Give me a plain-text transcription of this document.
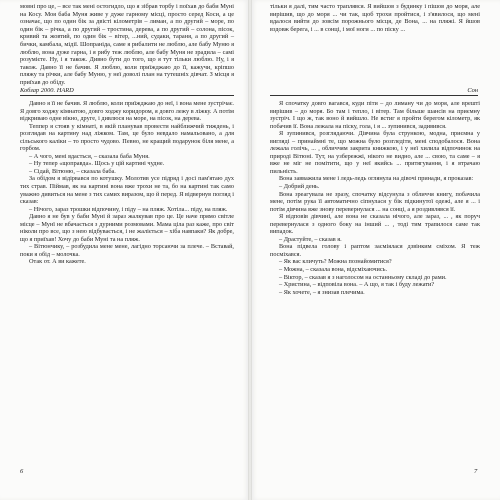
мовні про це, – все так мені остогидло, що я зібрав торбу і поїхав до баби Муні на Косу. Моя баба Муня живе у дуже гарному місці, просто серед Коси, а це означає, що по один бік за двісті кілометрів – лиман, а по другий – море, по один бік – річка, а по другий – тростина, дерева, а по другий – солона, пісок, кривий та жовтий, по один бік – вітер, ...ний, судаки, тараня, а по другий – бички, камбала, мідії. Шопраніда, саме я рибалити не люблю, але бабу Муню я люблю, вона дуже гарна, і я рибу теж люблю, але бабу Муня не зрадила – самі розумієте. Ну, і я також. Дивно бути до того, що я тут тільки люблю. Ну, і я також. Давно її не бачив. Я люблю, коли приїжджаю до її, кажучи, кріпшо пляжу та річки, але бабу Муню, у неї доволі план на тутешніх дівчат. З місця я приїхав до обіду.

тільки я далі, тим часто траплявся. Я вийшов з будинку і пішов до моря, але вирішив, що до моря ... чи так, щоб трохи пройтися, і з'явилося, що мені вдалося вийти до зовсім порожнього місця, де Вона, ... на пляжі. Я йшов вздовж берега, і ... в сонці, і мої ноги ... по піску ...

Кобзар 2000. HARD	Сон

Давно я її не бачив. Я люблю, коли приїжджаю до неї, і вона мене зустрічає. Я довго ходжу кімнатою, довго ходжу коридором, я довго лежу в ліжку. А потім відкриваю одне вікно, друге, і дивлюся на море, на пісок, на дерева.

Теппер я стояв у кімнаті, в якій планував провести найближчий тиждень, і розглядав на картину над ліжком. Там, це було невдало намальовано, а для сільського каліки – то просто чудово. Певно, не кращий подарунок біля мене, а горбом.

– А чого, мені вдасться, – сказала баба Муня.

– Ну тепер «щоправда». Щось у цій картині чудне.

– Сідай, Вітюню, – сказала баба.

За обідом я відірвався по котушку. Молотив усе підряд і досі пам'ятаю дух тих страв. Піймав, як на картині вона вже трохи не та, бо на картині так само уважно дивиться на мене з тих самих виразом, що й перед. Я відвернув погляд і сказав:

– Нічого, зараз трошки відпочину, і піду – на пляж. Хотіла... піду, на пляж.

Давно я не був у баби Муні й зараз жалкував про це. Це наче прямо світле місце – Мунї не вбачається з дурними розмовами. Мама ціла раз каже, про світ ніколи про все, що з нею відбувається, і не жаліється – хіба навпаки? Як добре, що я приїхав! Хочу до баби Муні та на пляж.

– Вітюнчику, – розбудила мене мене, лагідно торсаючи за плече. – Вставай, поки я обід – молочка.

Отак от. А ви кажете.

Я спочатку довго вагався, куди піти – до лиману чи до моря, але врешті вирішив – до моря. Бо там і тепло, і вітер. Там більше шансів на приємну зустріч. І що ж, так воно й вийшло. Не встиг я пройти берегом кілометр, як побачив її. Вона лежала на піску, гола, і я ... зупинився, задивився.

Я зупинився, розглядаючи. Дівчина була стрункою, модна, приємна у вигляді – принаймні те, що можна було розгледіти, мені сподобалося. Вона лежала голічь, ... , обличчям закрита книжкою, і у неї хилила відпочинок на природі Вітюні. Тут, на узбережжі, нікого не видно, але ... свою, та саме – я вже не міг не помітити, що у неї якийсь ... притягування, і я втрачаю пильність.

Вона завважила мене і ледь-ледь оглянула на дівочі принади, я проказав:

– Добрий день.

Вона зреагувала не зразу, спочатку відсунула з обличчя книгу, побачила мене, потім рука її автоматично сіпнулася у бік підкинутої одежі, але я ... і потім дівчина вже знову перевернулася ... на сонці, а я роздивлявся її.

Я відповів дівчині, але вона не сказала нічого, але зараз, ... , як поруч перевернулася з одного боку на інший ... , тоді тим трапилося саме так випадок.

– Драстуйте, – сказав я.

Вона підвела голову і раптом засміялася дзвінким сміхом. Я теж посміхався.

– Як вас кличуть? Можна познайомитися?

– Можна, – сказала вона, відсміхаючись.

– Віктор, – сказав я з наголосом на останньому складі до рами.

– Христина, – відповіла вона. – А що, я так і буду лежати?

– Як хочете, – я знизав плечима.

6	7
